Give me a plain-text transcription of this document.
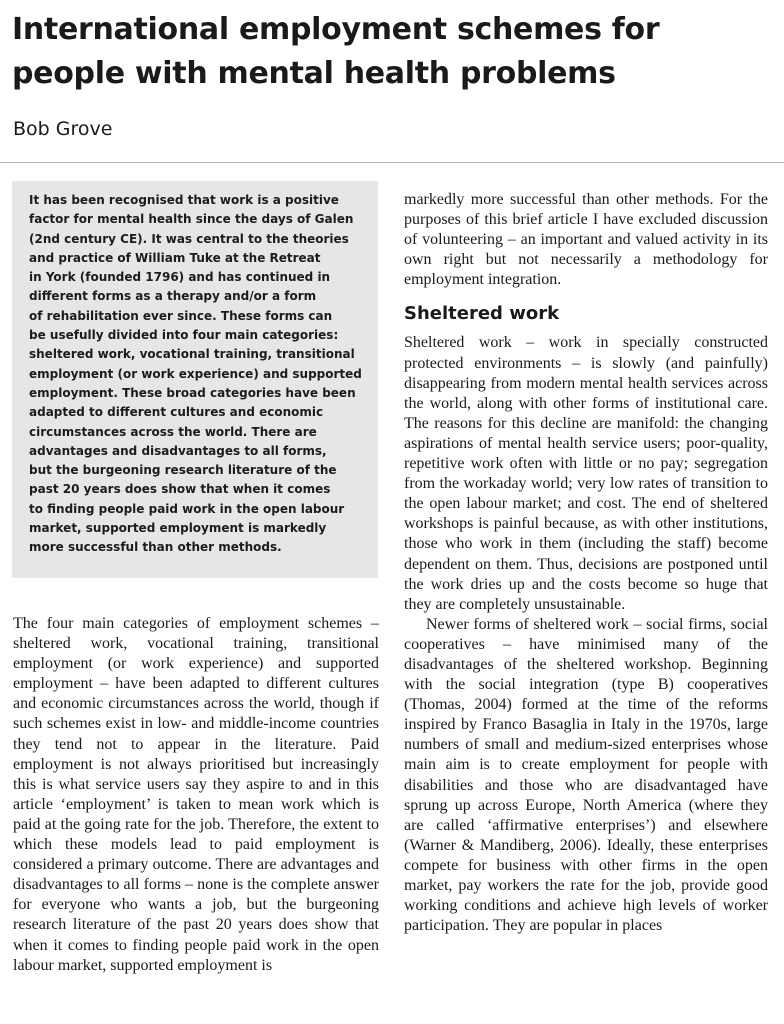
International employment schemes for people with mental health problems
Bob Grove

It has been recognised that work is a positive
factor for mental health since the days of Galen
(2nd century CE). It was central to the theories
and practice of William Tuke at the Retreat
in York (founded 1796) and has continued in
different forms as a therapy and/or a form
of rehabilitation ever since. These forms can
be usefully divided into four main categories:
sheltered work, vocational training, transitional
employment (or work experience) and supported
employment. These broad categories have been
adapted to different cultures and economic
circumstances across the world. There are
advantages and disadvantages to all forms,
but the burgeoning research literature of the
past 20 years does show that when it comes
to finding people paid work in the open labour
market, supported employment is markedly
more successful than other methods.

The four main categories of employment schemes – sheltered work, vocational training, transitional employment (or work experience) and supported employment – have been adapted to different cultures and economic circumstances across the world, though if such schemes exist in low- and middle-income countries they tend not to appear in the literature. Paid employment is not always prioritised but increasingly this is what service users say they aspire to and in this article ‘employment’ is taken to mean work which is paid at the going rate for the job. Therefore, the extent to which these models lead to paid employment is considered a primary outcome. There are advantages and disadvantages to all forms – none is the complete answer for everyone who wants a job, but the burgeoning research literature of the past 20 years does show that when it comes to finding people paid work in the open labour market, supported employment is

markedly more successful than other methods. For the purposes of this brief article I have excluded discussion of volunteering – an important and valued activity in its own right but not necessarily a methodology for employment integration.

Sheltered work

Sheltered work – work in specially constructed protected environments – is slowly (and painfully) disappearing from modern mental health services across the world, along with other forms of institutional care. The reasons for this decline are manifold: the changing aspirations of mental health service users; poor-quality, repetitive work often with little or no pay; segregation from the workaday world; very low rates of transition to the open labour market; and cost. The end of sheltered workshops is painful because, as with other institutions, those who work in them (including the staff) become dependent on them. Thus, decisions are postponed until the work dries up and the costs become so huge that they are completely unsustainable.

Newer forms of sheltered work – social firms, social cooperatives – have minimised many of the disadvantages of the sheltered workshop. Beginning with the social integration (type B) cooperatives (Thomas, 2004) formed at the time of the reforms inspired by Franco Basaglia in Italy in the 1970s, large numbers of small and medium-sized enterprises whose main aim is to create employment for people with disabilities and those who are disadvantaged have sprung up across Europe, North America (where they are called ‘affirmative enterprises’) and elsewhere (Warner & Mandiberg, 2006). Ideally, these enterprises compete for business with other firms in the open market, pay workers the rate for the job, provide good working conditions and achieve high levels of worker participation. They are popular in places
